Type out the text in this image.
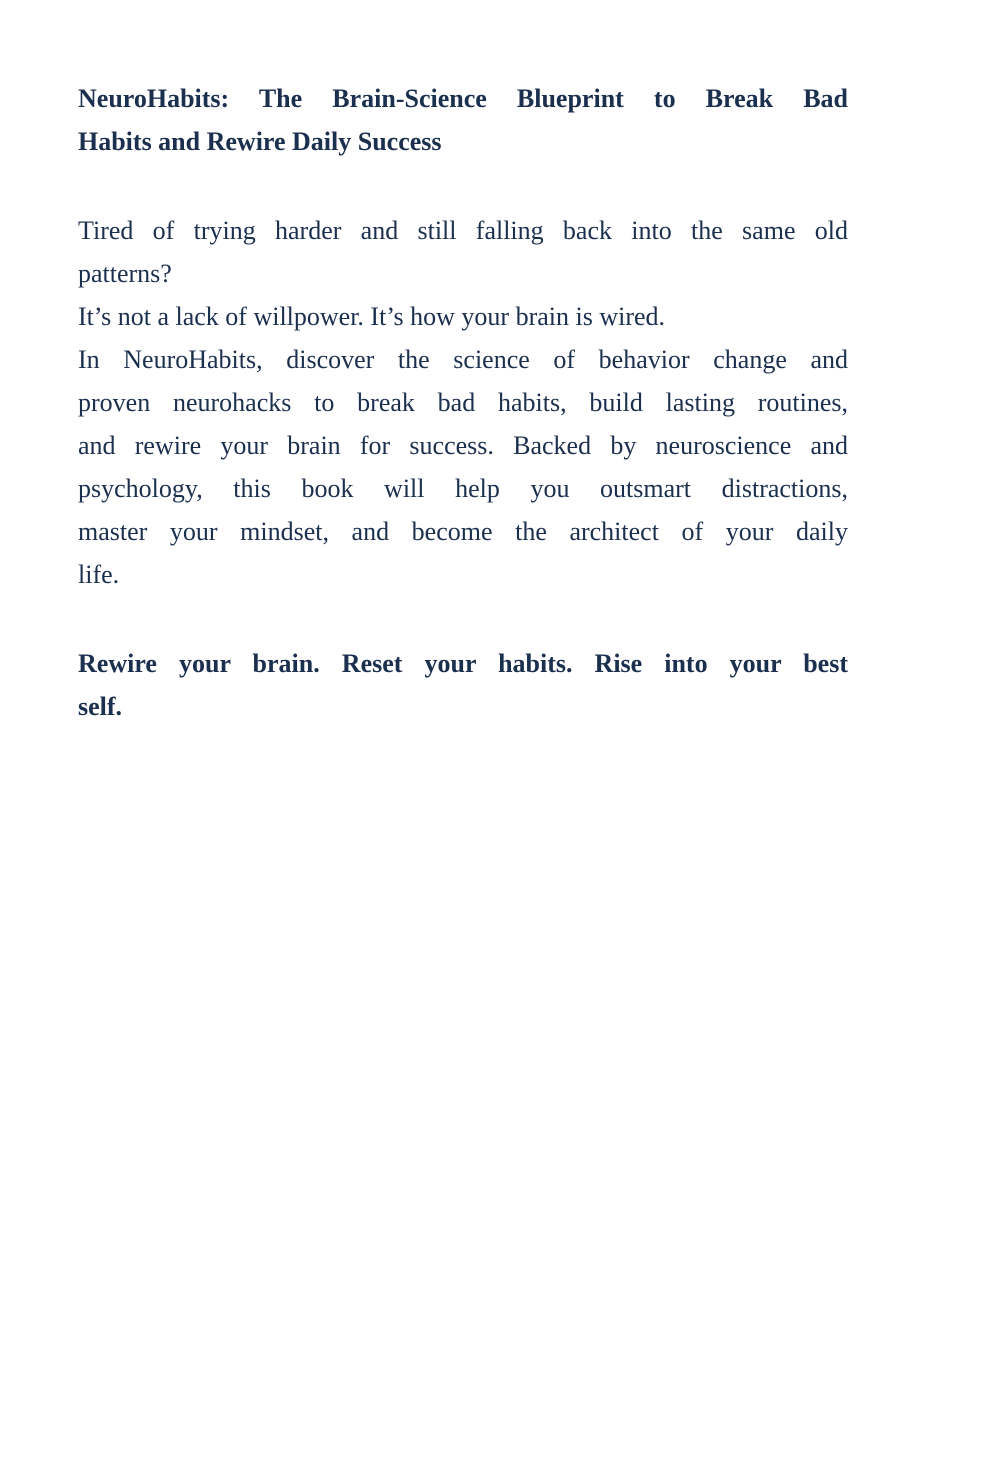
NeuroHabits: The Brain-Science Blueprint to Break Bad
Habits and Rewire Daily Success
Tired of trying harder and still falling back into the same old
patterns?
It’s not a lack of willpower. It’s how your brain is wired.
In NeuroHabits, discover the science of behavior change and
proven neurohacks to break bad habits, build lasting routines,
and rewire your brain for success. Backed by neuroscience and
psychology, this book will help you outsmart distractions,
master your mindset, and become the architect of your daily
life.
Rewire your brain. Reset your habits. Rise into your best
self.
